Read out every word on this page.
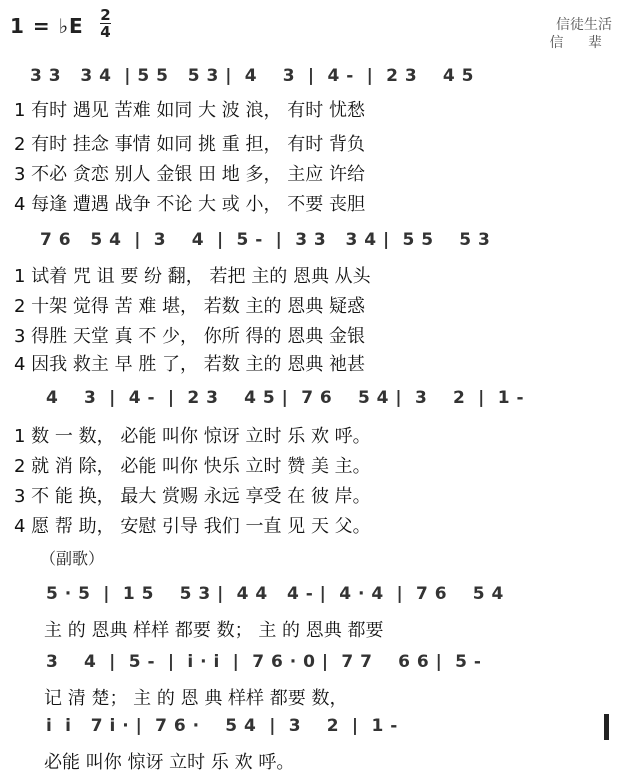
1 = ♭E 2
4	信徒生活
信 辈
3 3   3 4  | 5 5   5 3 |  4    3  |  4 -  |  2 3    4 5
1 有时 遇见 苦难 如同 大 波 浪， 有时 忧愁
2 有时 挂念 事情 如同 挑 重 担， 有时 背负
3 不必 贪恋 别人 金银 田 地 多， 主应 许给
4 每逢 遭遇 战争 不论 大 或 小， 不要 丧胆
7 6   5 4  |  3    4  |  5 -  |  3 3   3 4 |  5 5    5 3
1 试着 咒 诅 要 纷 翻， 若把 主的 恩典 从头
2 十架 觉得 苦 难 堪， 若数 主的 恩典 疑惑
3 得胜 天堂 真 不 少， 你所 得的 恩典 金银
4 因我 救主 早 胜 了， 若数 主的 恩典 祂甚
4    3  |  4 -  |  2 3    4 5 |  7 6    5 4 |  3    2  |  1 -
1 数 一 数， 必能 叫你 惊讶 立时 乐 欢 呼。
2 就 消 除， 必能 叫你 快乐 立时 赞 美 主。
3 不 能 换， 最大 赏赐 永远 享受 在 彼 岸。
4 愿 帮 助， 安慰 引导 我们 一直 见 天 父。
（副歌）
5 · 5  |  1 5    5 3 |  4 4   4 - |  4 · 4  |  7 6    5 4
主 的 恩典 样样 都要 数； 主 的 恩典 都要
3    4  |  5 -  |  i · i  |  7 6 · 0 |  7 7    6 6 |  5 -
记 清 楚； 主 的 恩 典 样样 都要 数，
i  i   7 i · |  7 6 ·    5 4  |  3    2  |  1 -
必能 叫你 惊讶 立时 乐 欢 呼。
